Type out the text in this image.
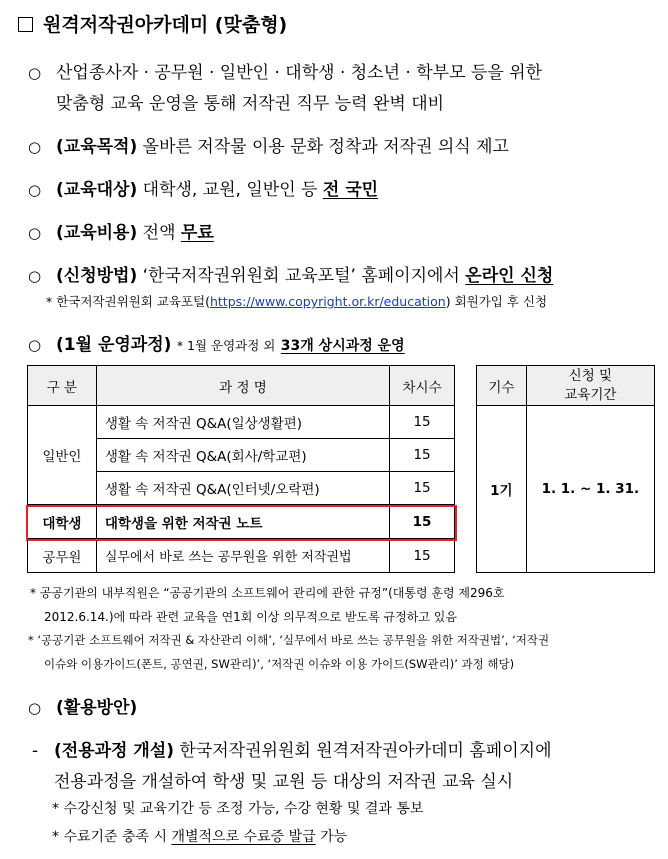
원격저작권아카데미 (맞춤형)
○ 산업종사자 · 공무원 · 일반인 · 대학생 · 청소년 · 학부모 등을 위한
맞춤형 교육 운영을 통해 저작권 직무 능력 완벽 대비
○ (교육목적) 올바른 저작물 이용 문화 정착과 저작권 의식 제고
○ (교육대상) 대학생, 교원, 일반인 등 전 국민
○ (교육비용) 전액 무료
○ (신청방법) ‘한국저작권위원회 교육포털’ 홈페이지에서 온라인 신청
* 한국저작권위원회 교육포털(https://www.copyright.or.kr/education) 회원가입 후 신청
○ (1월 운영과정) * 1월 운영과정 외 33개 상시과정 운영
구 분	과 정 명	차시수
일반인	생활 속 저작권 Q&A(일상생활편)	15
	생활 속 저작권 Q&A(회사/학교편)	15
	생활 속 저작권 Q&A(인터넷/오락편)	15
대학생	대학생을 위한 저작권 노트	15
공무원	실무에서 바로 쓰는 공무원을 위한 저작권법	15
기수	신청 및
교육기간
1기	1. 1. ~ 1. 31.
* 공공기관의 내부직원은 “공공기관의 소프트웨어 관리에 관한 규정”(대통령 훈령 제296호
2012.6.14.)에 따라 관련 교육을 연1회 이상 의무적으로 받도록 규정하고 있음
* ‘공공기관 소프트웨어 저작권 & 자산관리 이해’, ‘실무에서 바로 쓰는 공무원을 위한 저작권법’, ‘저작권
이슈와 이용가이드(폰트, 공연권, SW관리)’, ‘저작권 이슈와 이용 가이드(SW관리)’ 과정 해당)
○ (활용방안)
- (전용과정 개설) 한국저작권위원회 원격저작권아카데미 홈페이지에
전용과정을 개설하여 학생 및 교원 등 대상의 저작권 교육 실시
* 수강신청 및 교육기간 등 조정 가능, 수강 현황 및 결과 통보
* 수료기준 충족 시 개별적으로 수료증 발급 가능
